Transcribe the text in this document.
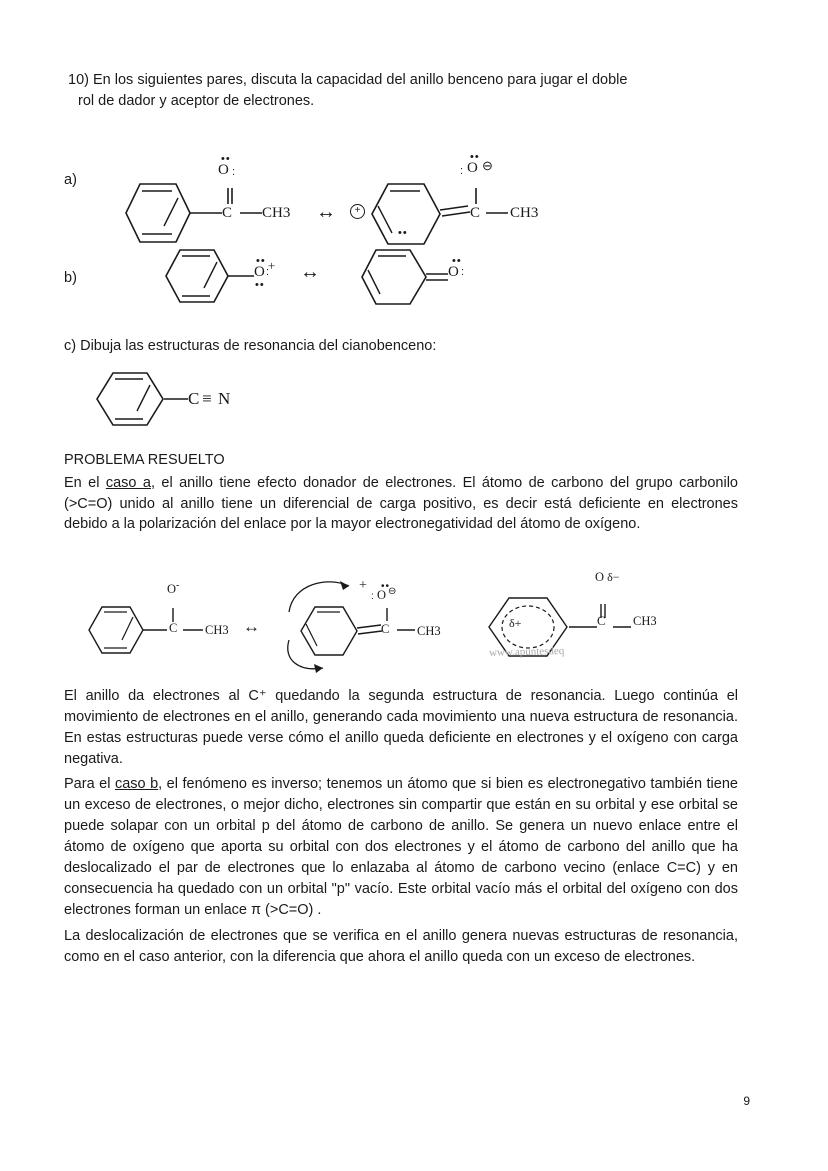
10) En los siguientes pares, discuta la capacidad del anillo benceno para jugar el doble
rol de dador y aceptor de electrones.
a)
b)
••
O :
C CH3 ↔	+
••
••
O ⊖
:
C CH3
••
O :
+
••
↔	••
O :
c) Dibuja las estructuras de resonancia del cianobenceno:
C ≡ N
PROBLEMA RESUELTO
En el caso a, el anillo tiene efecto donador de electrones. El átomo de carbono del grupo carbonilo (>C=O) unido al anillo tiene un diferencial de carga positivo, es decir está deficiente en electrones debido a la polarización del enlace por la mayor electronegatividad del átomo de oxígeno.
O-
C CH3 ↔
+ ••
O ⊖
:
C CH3
δ+
O δ−
C CH3
www.apuntesdeq
El anillo da electrones al C⁺ quedando la segunda estructura de resonancia. Luego continúa el movimiento de electrones en el anillo, generando cada movimiento una nueva estructura de resonancia. En estas estructuras puede verse cómo el anillo queda deficiente en electrones y el oxígeno con carga negativa.
Para el caso b, el fenómeno es inverso; tenemos un átomo que si bien es electronegativo también tiene un exceso de electrones, o mejor dicho, electrones sin compartir que están en su orbital y ese orbital se puede solapar con un orbital p del átomo de carbono de anillo. Se genera un nuevo enlace entre el átomo de oxígeno que aporta su orbital con dos electrones y el átomo de carbono del anillo que ha deslocalizado el par de electrones que lo enlazaba al átomo de carbono vecino (enlace C=C) y en consecuencia ha quedado con un orbital "p" vacío. Este orbital vacío más el orbital del oxígeno con dos electrones forman un enlace π (>C=O) .
La deslocalización de electrones que se verifica en el anillo genera nuevas estructuras de resonancia, como en el caso anterior, con la diferencia que ahora el anillo queda con un exceso de electrones.
9
